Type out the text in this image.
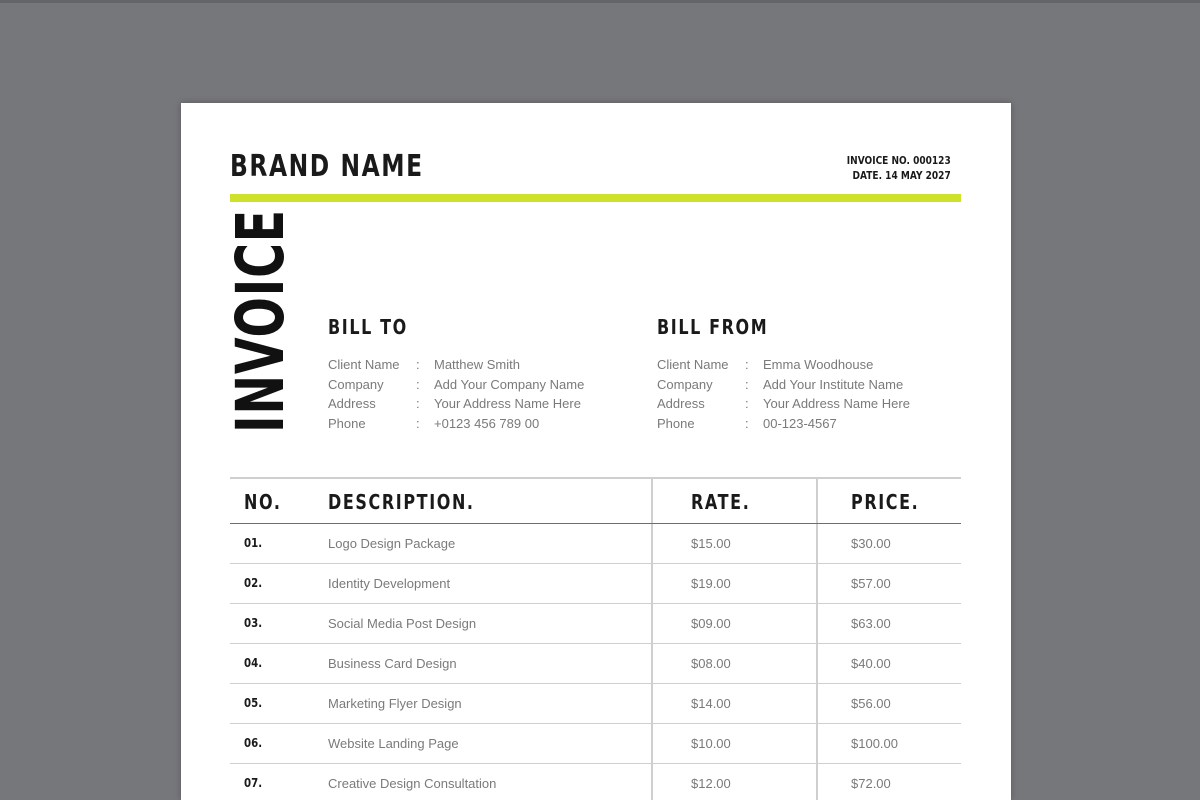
BRAND NAME	INVOICE NO. 000123
DATE. 14 MAY 2027
INVOICE BILL TO
Client Name	:	Matthew Smith
Company	:	Add Your Company Name
Address	:	Your Address Name Here
Phone	:	+0123 456 789 00
BILL FROM
Client Name	:	Emma Woodhouse
Company	:	Add Your Institute Name
Address	:	Your Address Name Here
Phone	:	00-123-4567
NO. DESCRIPTION.	RATE.	PRICE.
01.	Logo Design Package	$15.00	$30.00
02.	Identity Development	$19.00	$57.00
03.	Social Media Post Design	$09.00	$63.00
04.	Business Card Design	$08.00	$40.00
05.	Marketing Flyer Design	$14.00	$56.00
06.	Website Landing Page	$10.00	$100.00
07.	Creative Design Consultation	$12.00	$72.00
